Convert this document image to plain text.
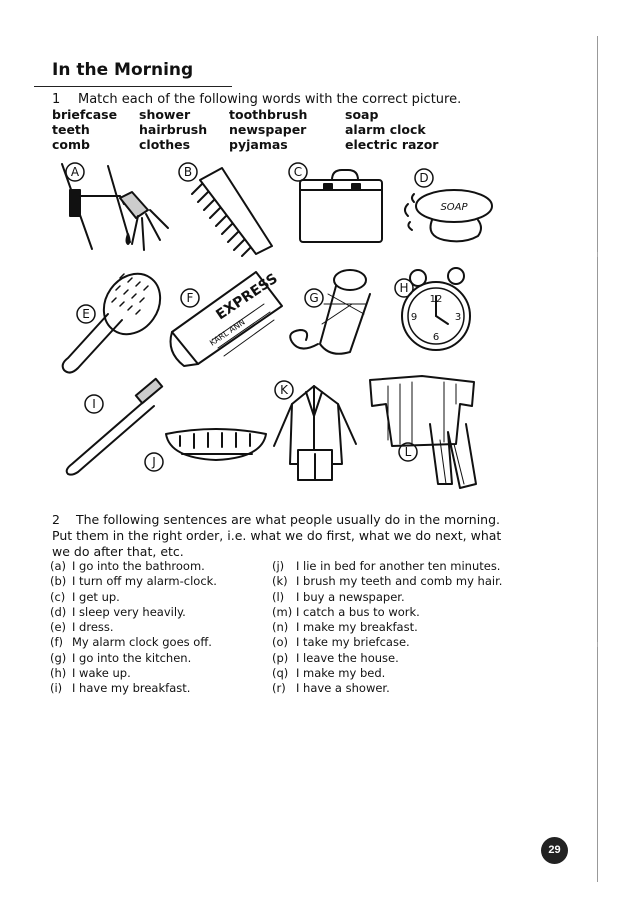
In the Morning
1 Match each of the following words with the correct picture.
briefcase	shower	toothbrush	soap
teeth	hairbrush	newspaper	alarm clock
comb	clothes	pyjamas	electric razor
A	B	C
SOAP
D
E	EXPRESS
KARL ANN
F	G	12
3
6
9
H
I
J
K
L
2 The following sentences are what people usually do in the morning. Put them in the right order, i.e. what we do first, what we do next, what we do after that, etc.
(a) I go into the bathroom.
(b) I turn off my alarm-clock.
(c) I get up.
(d) I sleep very heavily.
(e) I dress.
(f) My alarm clock goes off.
(g) I go into the kitchen.
(h) I wake up.
(i) I have my breakfast.
(j)	I lie in bed for another ten minutes.
(k) I brush my teeth and comb my hair.
(l)	I buy a newspaper.
(m) I catch a bus to work.
(n) I make my breakfast.
(o) I take my briefcase.
(p) I leave the house.
(q) I make my bed.
(r) I have a shower.
29
